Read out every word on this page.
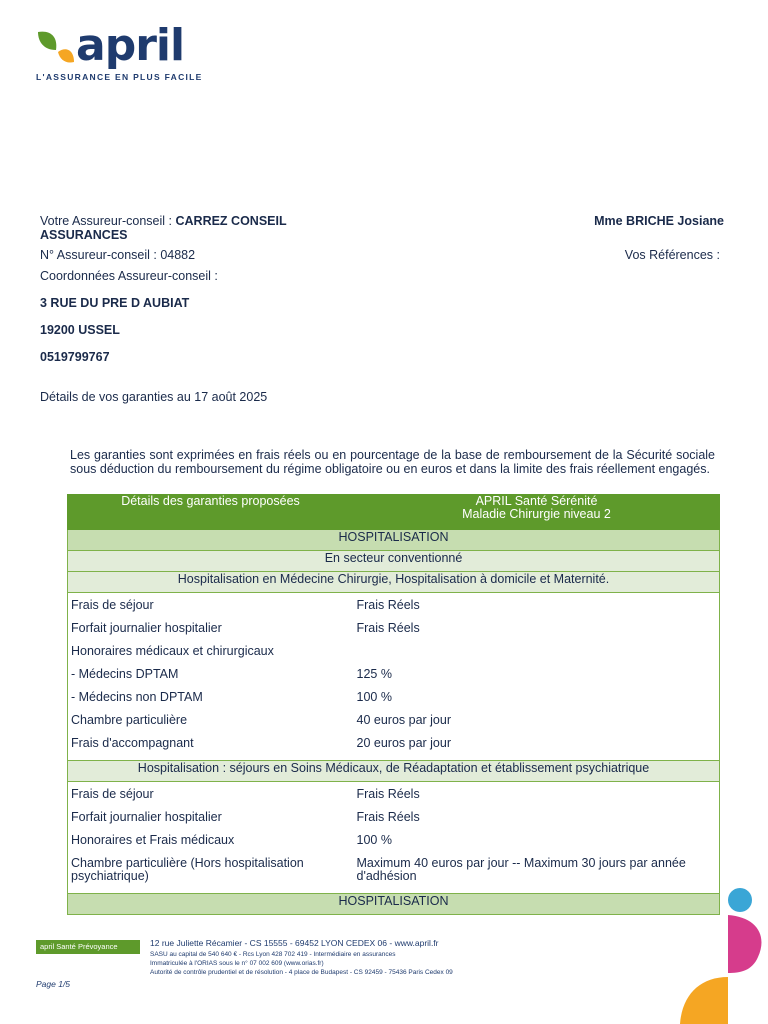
april
L'ASSURANCE EN PLUS FACILE
Votre Assureur-conseil : CARREZ CONSEIL
ASSURANCES
N° Assureur-conseil : 04882
Coordonnées Assureur-conseil :
3 RUE DU PRE D AUBIAT
19200 USSEL
0519799767
Mme BRICHE Josiane
Vos Références :
Détails de vos garanties au 17 août 2025
Les garanties sont exprimées en frais réels ou en pourcentage de la base de remboursement de la Sécurité sociale sous déduction du remboursement du régime obligatoire ou en euros et dans la limite des frais réellement engagés.
Détails des garanties proposées	APRIL Santé Sérénité
Maladie Chirurgie niveau 2

HOSPITALISATION	
En secteur conventionné	
Hospitalisation en Médecine Chirurgie, Hospitalisation à domicile et Maternité.	

Frais de séjour	Frais Réels
Forfait journalier hospitalier	Frais Réels
Honoraires médicaux et chirurgicaux	
- Médecins DPTAM	125 %
- Médecins non DPTAM	100 %
Chambre particulière	40 euros par jour
Frais d'accompagnant	20 euros par jour
Hospitalisation : séjours en Soins Médicaux, de Réadaptation et établissement psychiatrique	

Frais de séjour	Frais Réels
Forfait journalier hospitalier	Frais Réels
Honoraires et Frais médicaux	100 %
Chambre particulière (Hors hospitalisation psychiatrique)	Maximum 40 euros par jour -- Maximum 30 jours par année d'adhésion
HOSPITALISATION	
april Santé Prévoyance	12 rue Juliette Récamier - CS 15555 - 69452 LYON CEDEX 06 - www.april.fr
SASU au capital de 540 640 € - Rcs Lyon 428 702 419 - Intermédiaire en assurances
Immatriculée à l'ORIAS sous le n° 07 002 609 (www.orias.fr)
Autorité de contrôle prudentiel et de résolution - 4 place de Budapest - CS 92459 - 75436 Paris Cedex 09
Page 1/5
